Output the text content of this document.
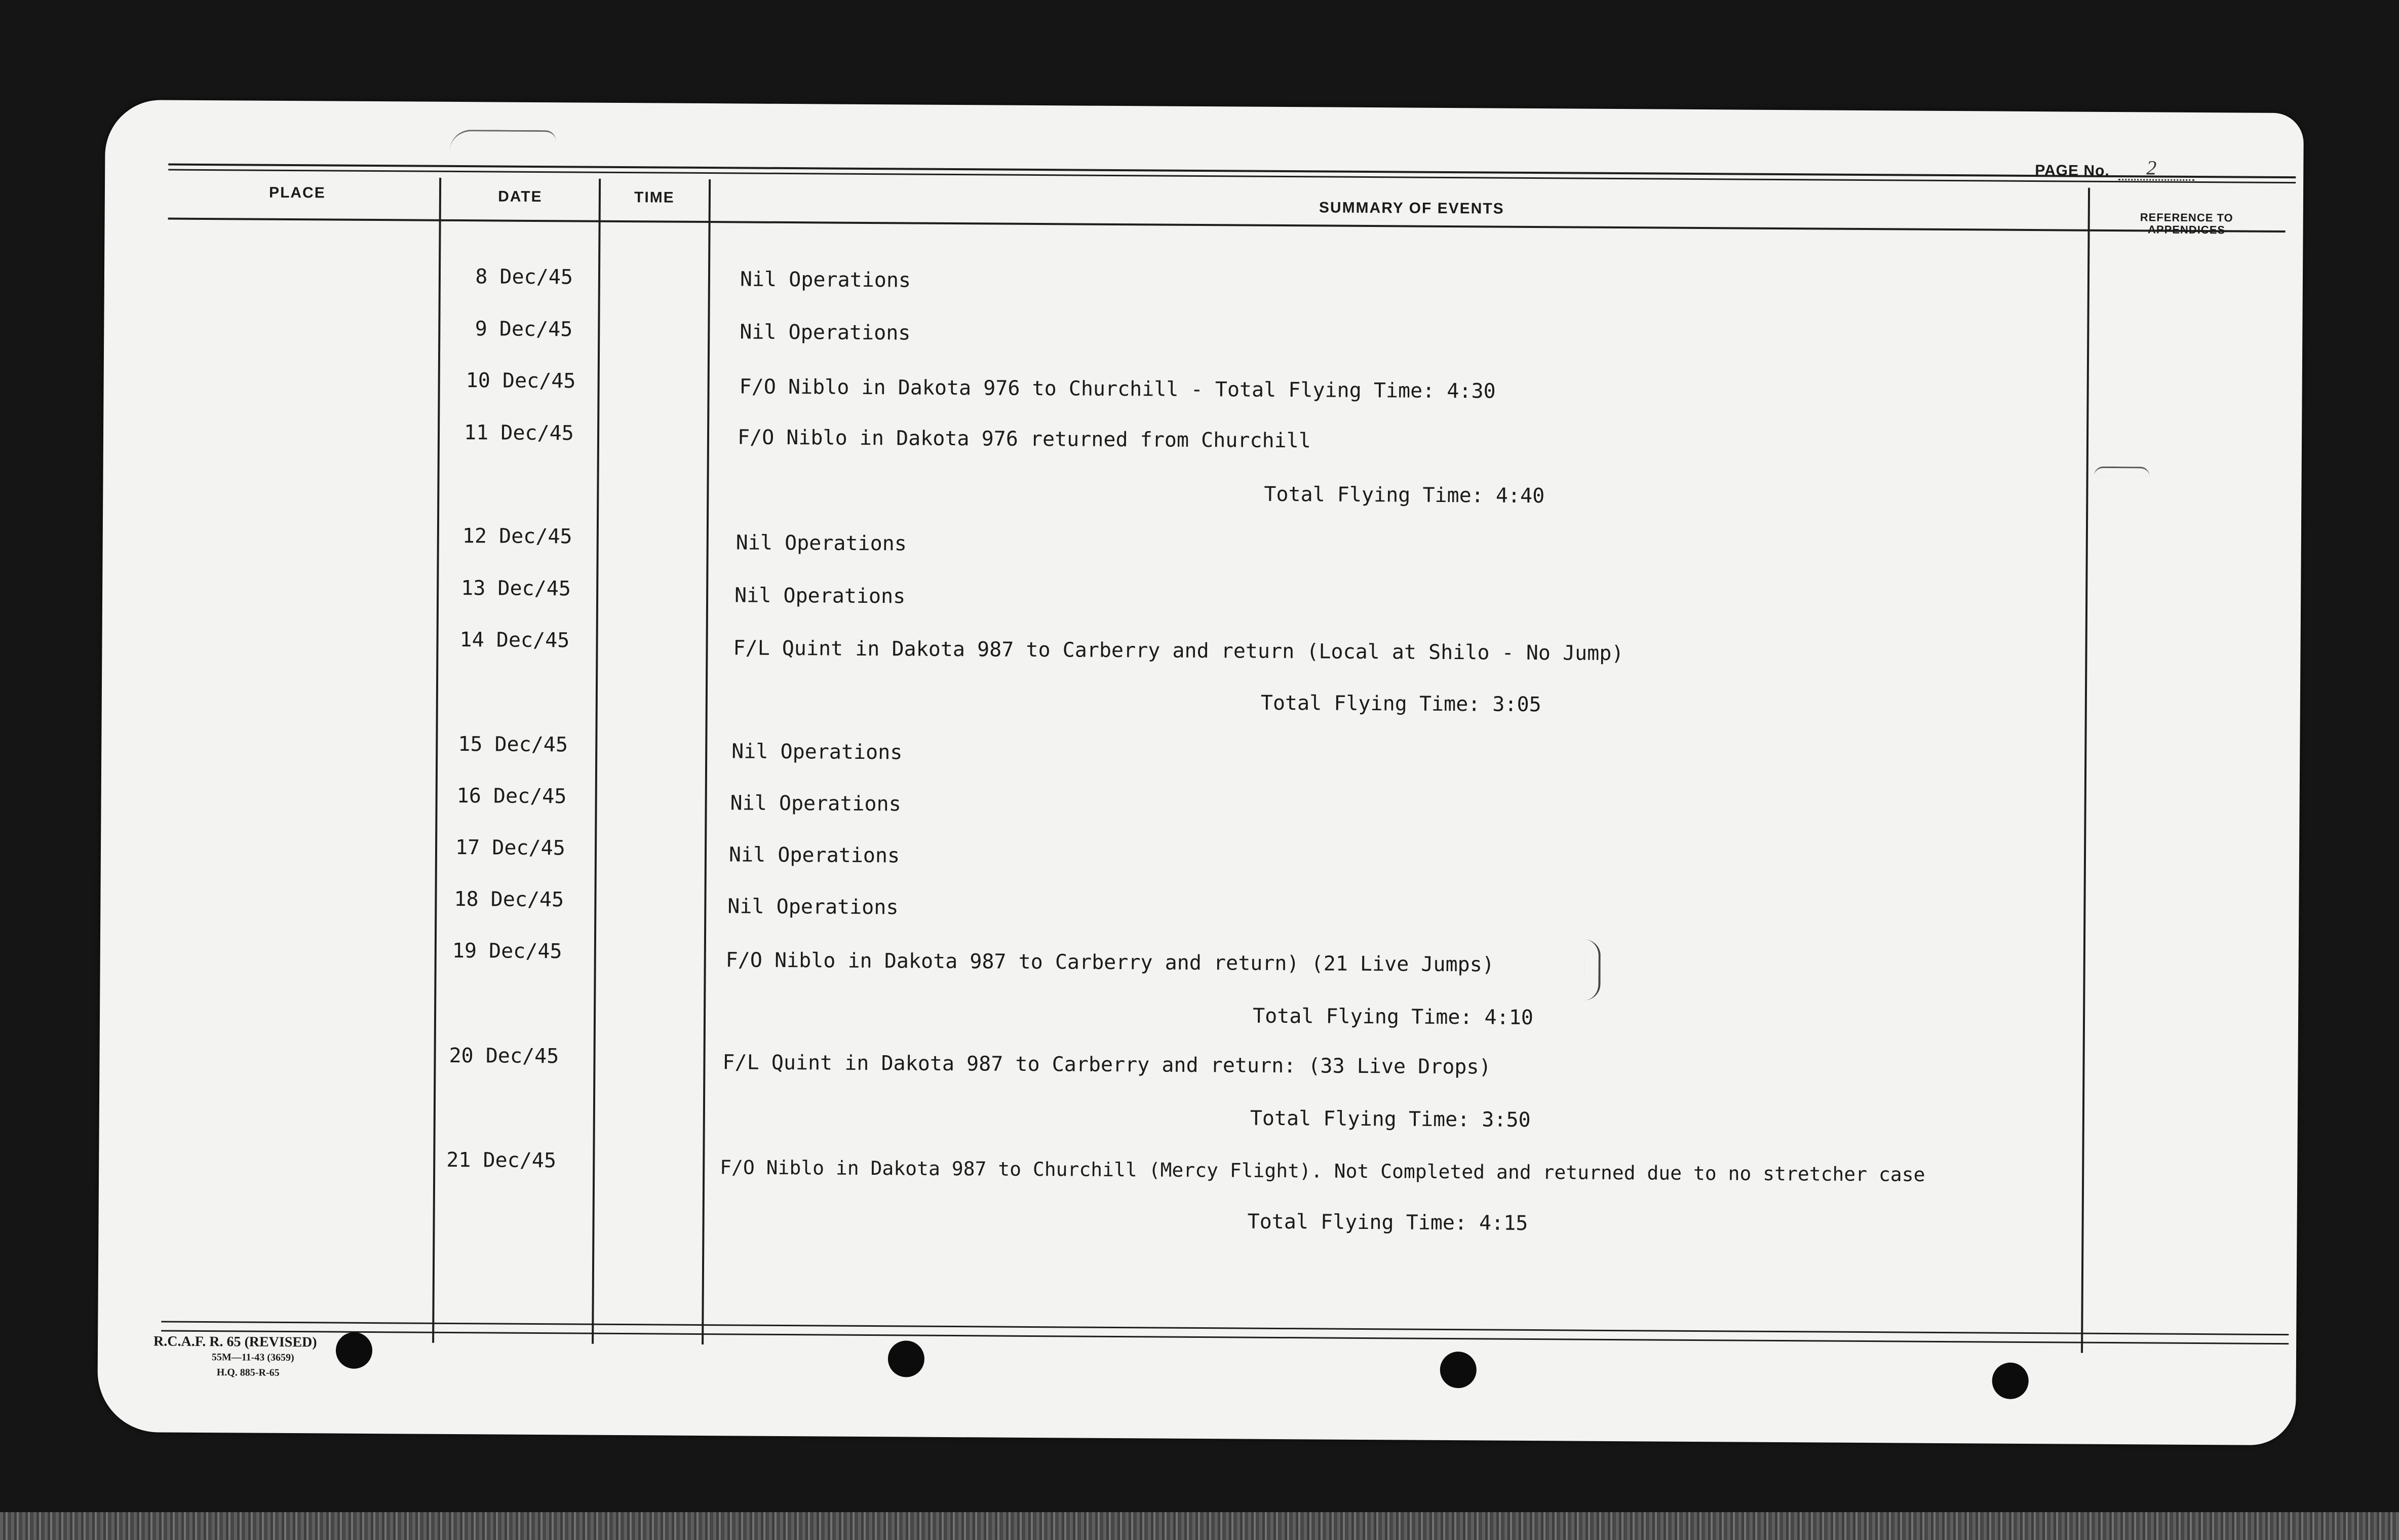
PAGE No. 2
PLACE	DATE	TIME
SUMMARY OF EVENTS
REFERENCE TO
APPENDICES
8 Dec/45	Nil Operations
9 Dec/45	Nil Operations
10 Dec/45	F/O Niblo in Dakota 976 to Churchill - Total Flying Time: 4:30
11 Dec/45	F/O Niblo in Dakota 976 returned from Churchill
Total Flying Time: 4:40
12 Dec/45	Nil Operations
13 Dec/45	Nil Operations
14 Dec/45	F/L Quint in Dakota 987 to Carberry and return (Local at Shilo - No Jump)
Total Flying Time: 3:05
15 Dec/45	Nil Operations
16 Dec/45	Nil Operations
17 Dec/45	Nil Operations
18 Dec/45	Nil Operations
19 Dec/45	F/O Niblo in Dakota 987 to Carberry and return) (21 Live Jumps)
Total Flying Time: 4:10
20 Dec/45	F/L Quint in Dakota 987 to Carberry and return: (33 Live Drops)
Total Flying Time: 3:50
21 Dec/45	F/O Niblo in Dakota 987 to Churchill (Mercy Flight). Not Completed and returned due to no stretcher case
Total Flying Time: 4:15
R.C.A.F. R. 65 (REVISED)
55M—11-43 (3659)
H.Q. 885-R-65
